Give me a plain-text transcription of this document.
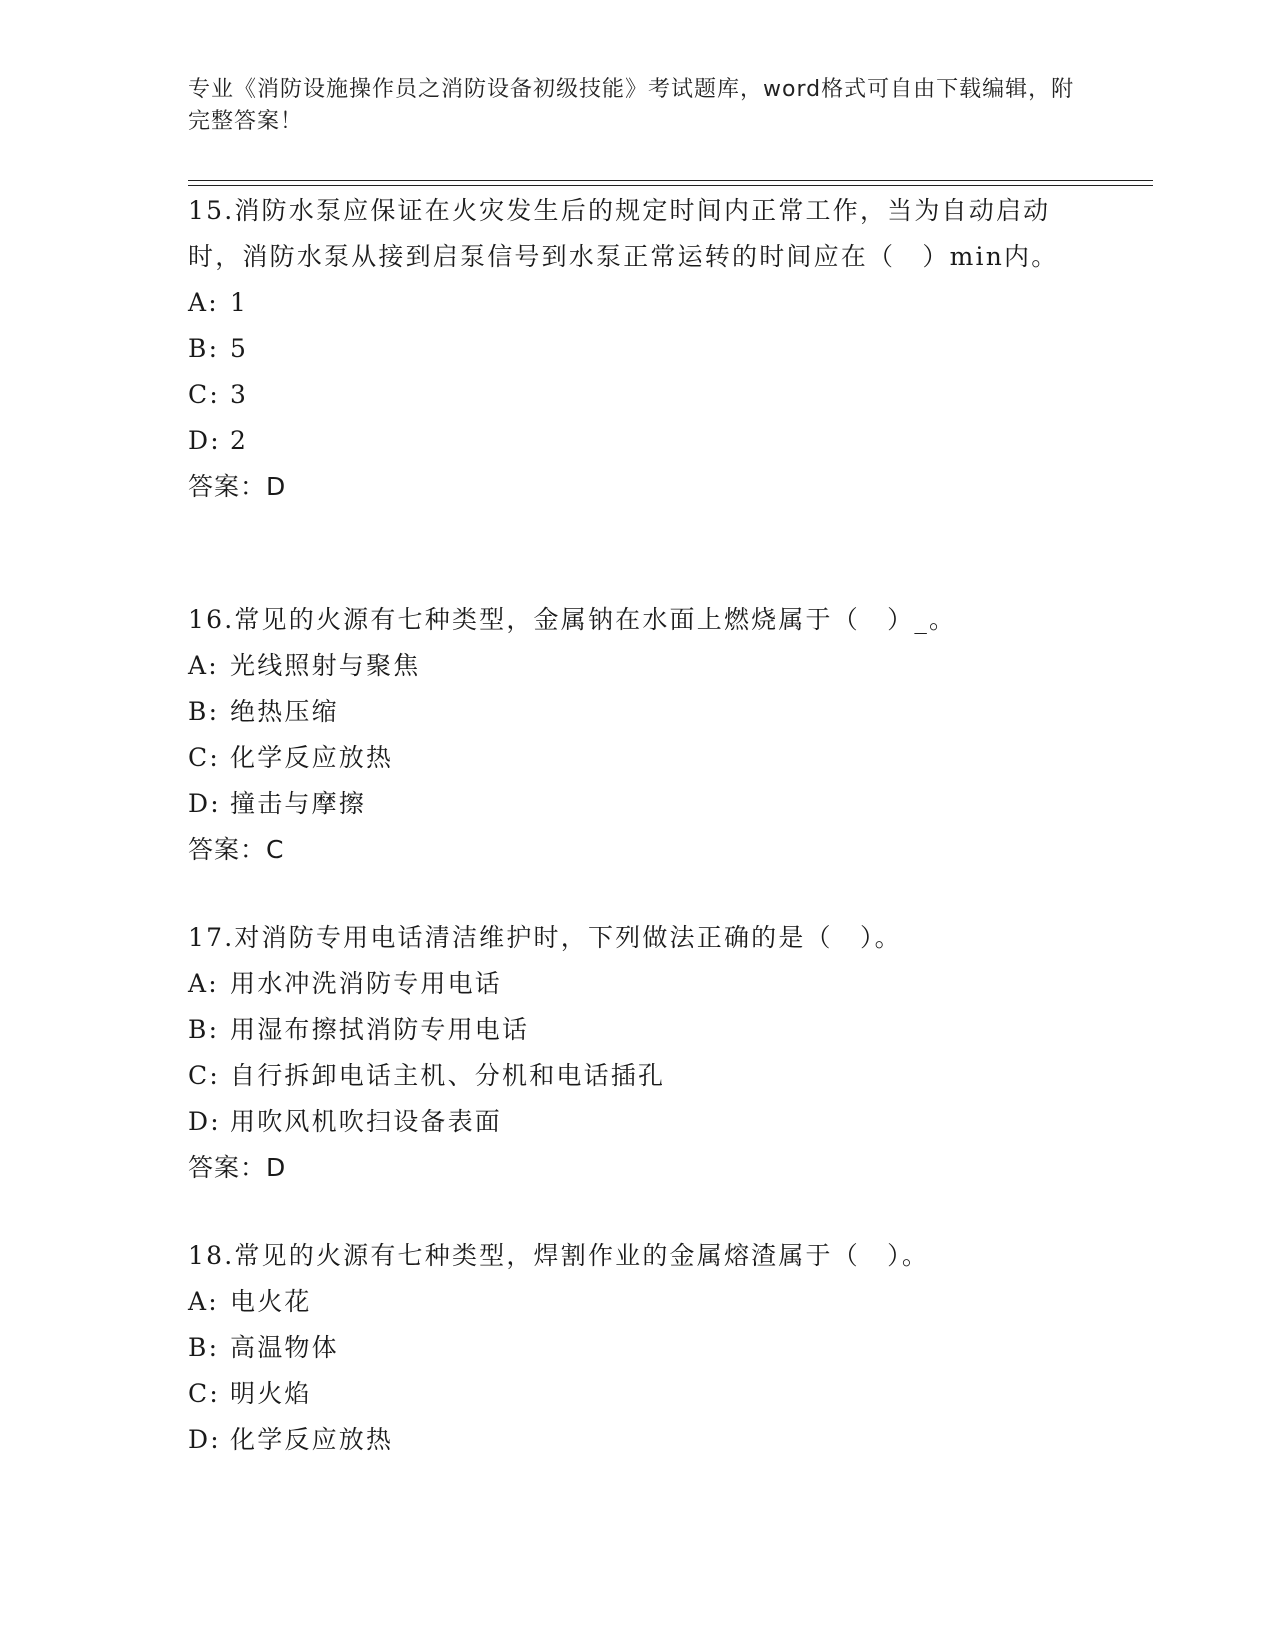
专业《消防设施操作员之消防设备初级技能》考试题库，word格式可自由下载编辑，附完整答案！

15.消防水泵应保证在火灾发生后的规定时间内正常工作，当为自动启动时，消防水泵从接到启泵信号到水泵正常运转的时间应在（　）min内。

A: 1
B: 5
C: 3
D: 2

答案：D

16.常见的火源有七种类型，金属钠在水面上燃烧属于（　）_。

A: 光线照射与聚焦
B: 绝热压缩
C: 化学反应放热
D: 撞击与摩擦

答案：C

17.对消防专用电话清洁维护时，下列做法正确的是（　）。

A: 用水冲洗消防专用电话
B: 用湿布擦拭消防专用电话
C: 自行拆卸电话主机、分机和电话插孔
D: 用吹风机吹扫设备表面

答案：D

18.常见的火源有七种类型，焊割作业的金属熔渣属于（　）。

A: 电火花
B: 高温物体
C: 明火焰
D: 化学反应放热
